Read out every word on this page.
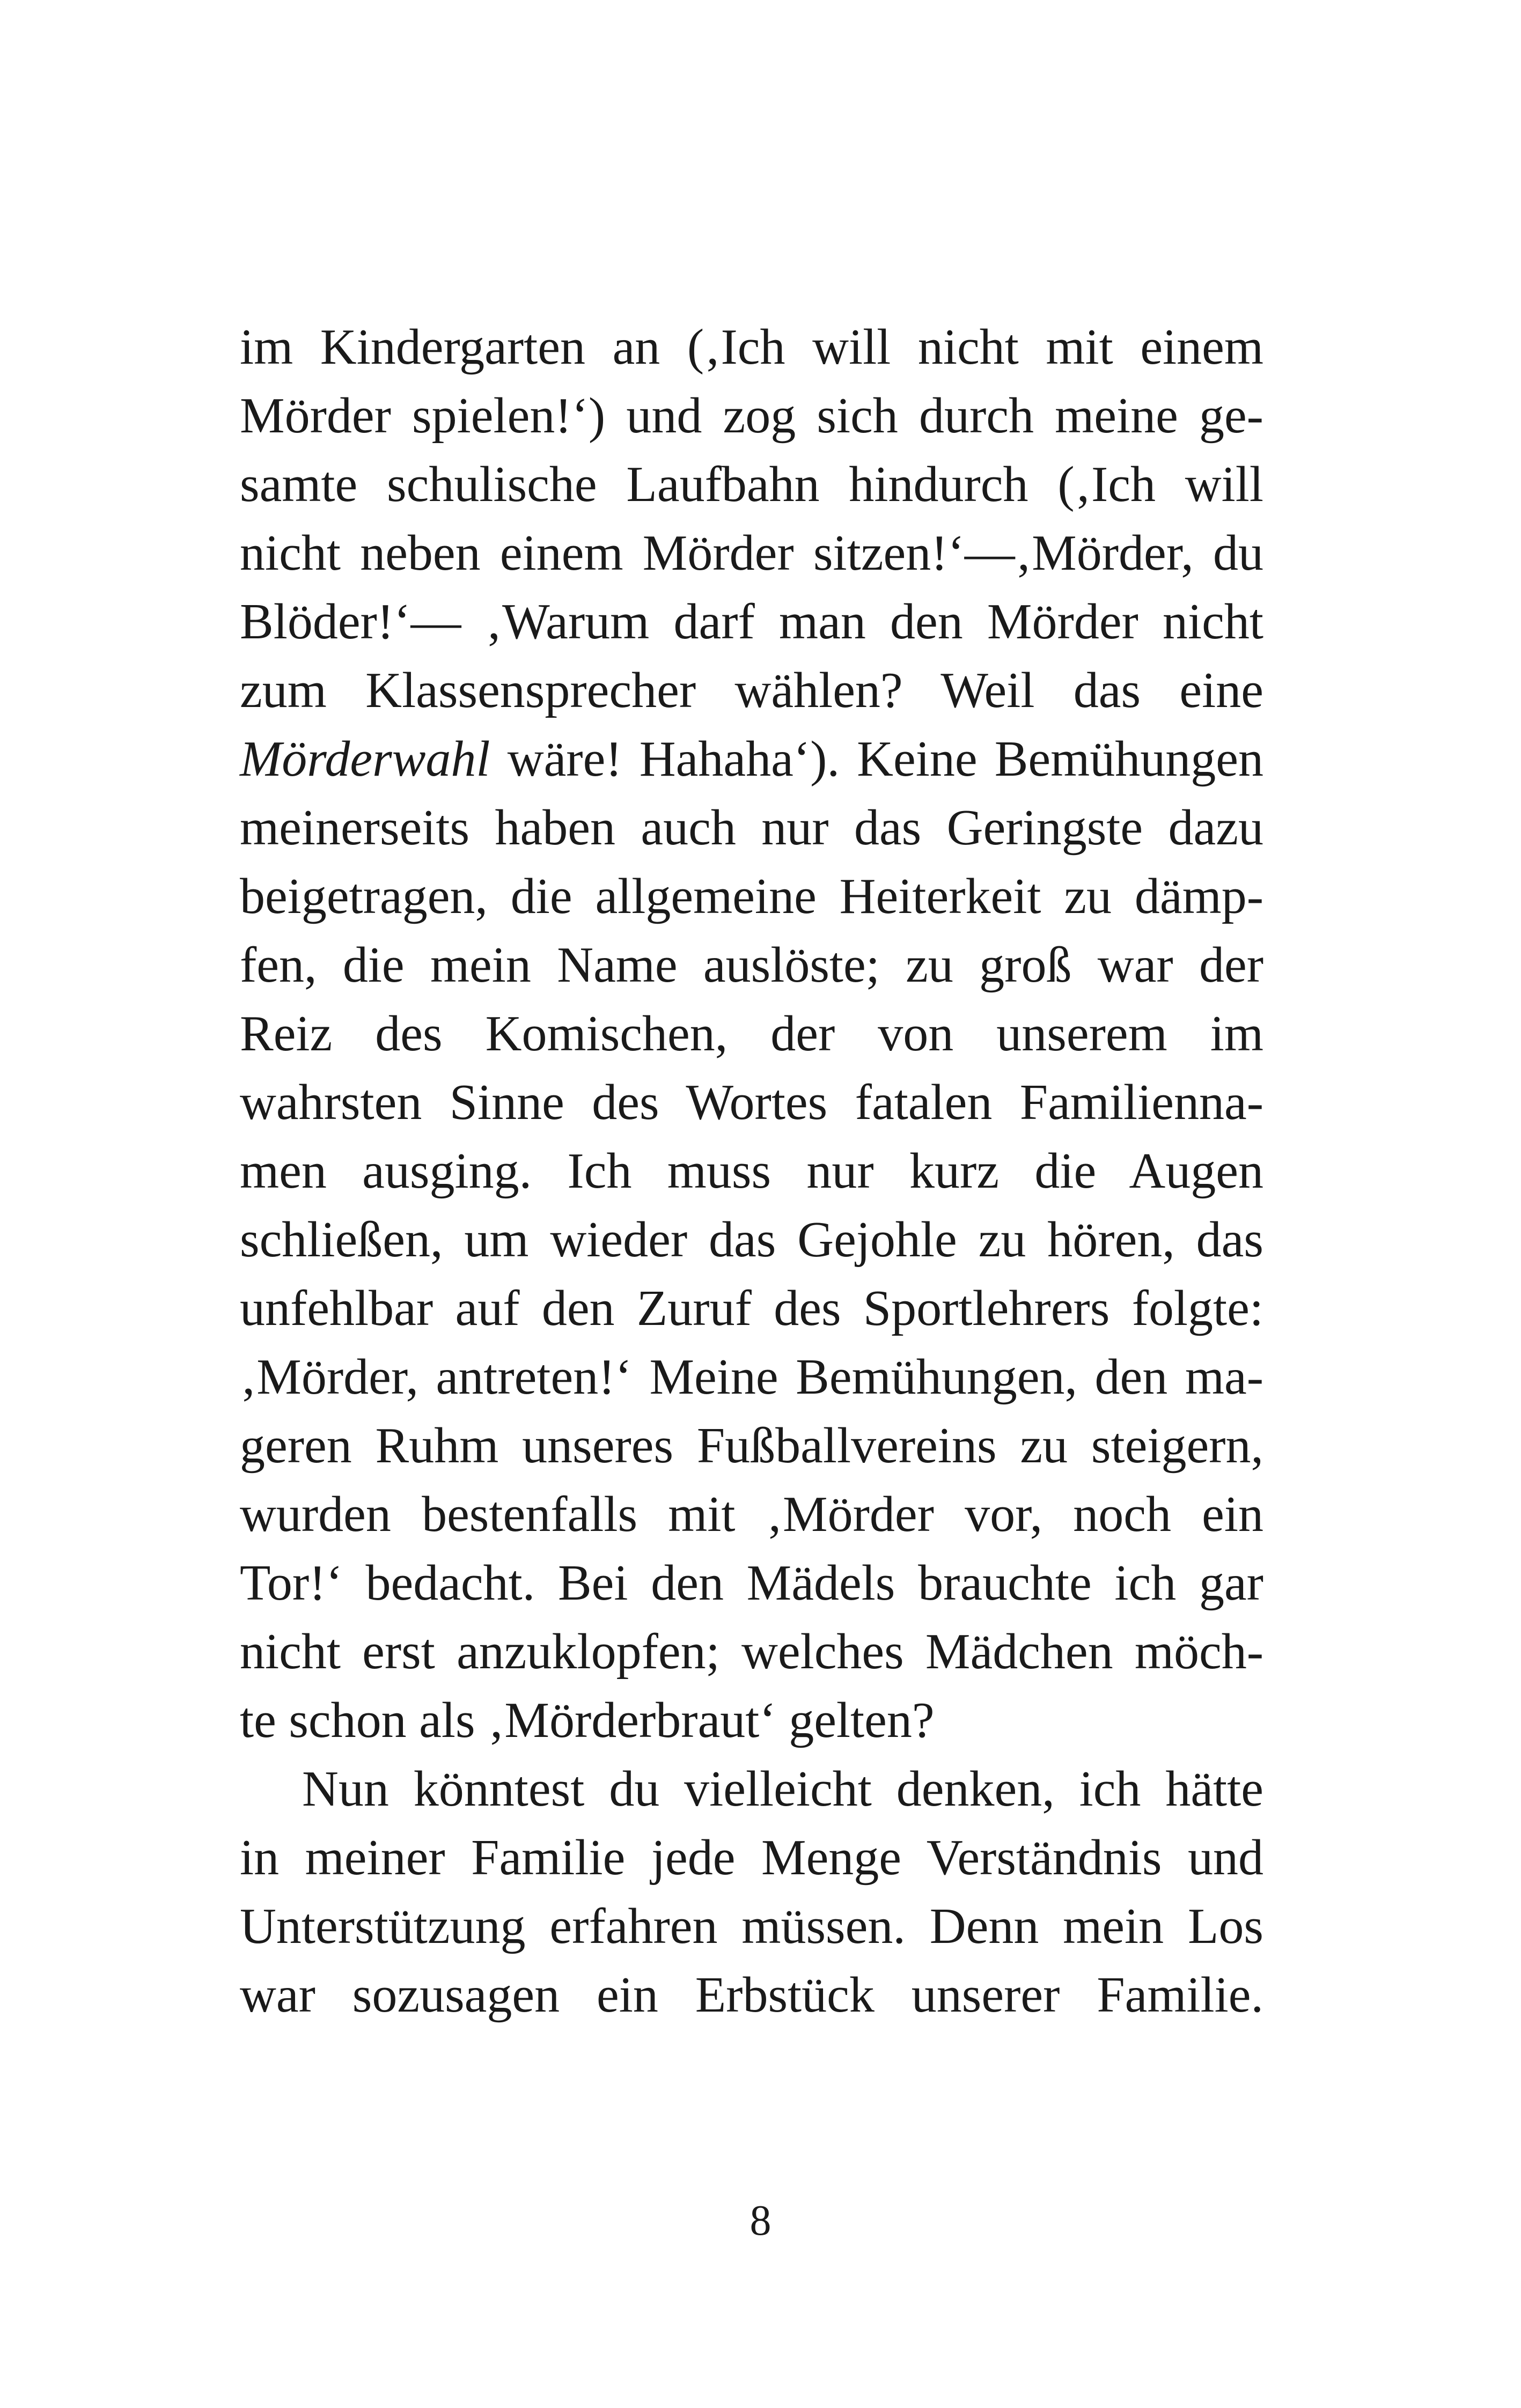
im Kindergarten an (‚Ich will nicht mit einem
Mörder spielen!‘) und zog sich durch meine ge-
samte schulische Laufbahn hindurch (‚Ich will
nicht neben einem Mörder sitzen!‘—‚Mörder, du
Blöder!‘— ‚Warum darf man den Mörder nicht
zum Klassensprecher wählen? Weil das eine
Mörderwahl wäre! Hahaha‘). Keine Bemühungen
meinerseits haben auch nur das Geringste dazu
beigetragen, die allgemeine Heiterkeit zu dämp-
fen, die mein Name auslöste; zu groß war der
Reiz des Komischen, der von unserem im
wahrsten Sinne des Wortes fatalen Familienna-
men ausging. Ich muss nur kurz die Augen
schließen, um wieder das Gejohle zu hören, das
unfehlbar auf den Zuruf des Sportlehrers folgte:
‚Mörder, antreten!‘ Meine Bemühungen, den ma-
geren Ruhm unseres Fußballvereins zu steigern,
wurden bestenfalls mit ‚Mörder vor, noch ein
Tor!‘ bedacht. Bei den Mädels brauchte ich gar
nicht erst anzuklopfen; welches Mädchen möch-
te schon als ‚Mörderbraut‘ gelten?
Nun könntest du vielleicht denken, ich hätte
in meiner Familie jede Menge Verständnis und
Unterstützung erfahren müssen. Denn mein Los
war sozusagen ein Erbstück unserer Familie.
8
